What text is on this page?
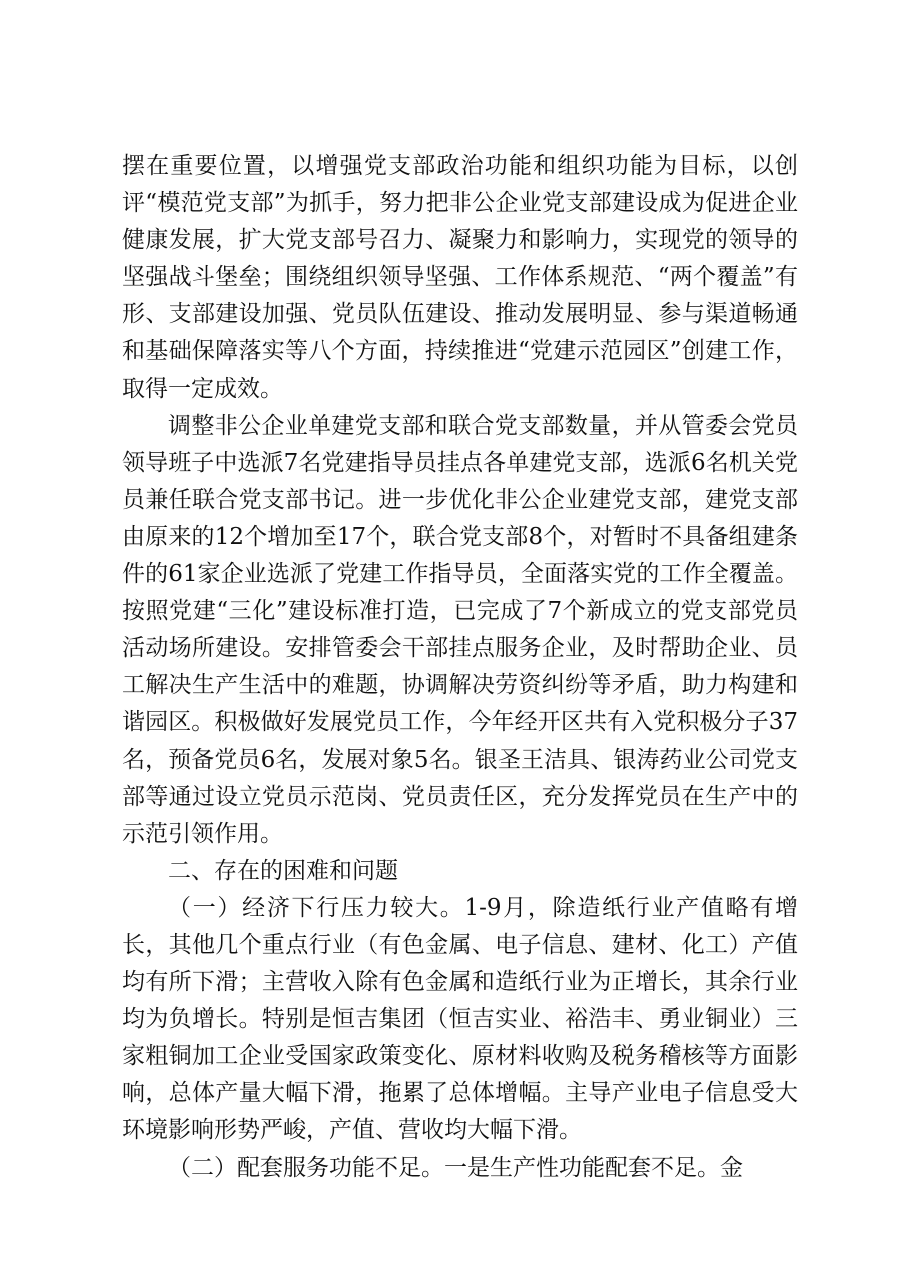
摆在重要位置，以增强党支部政治功能和组织功能为目标，以创评“模范党支部”为抓手，努力把非公企业党支部建设成为促进企业健康发展，扩大党支部号召力、凝聚力和影响力，实现党的领导的坚强战斗堡垒；围绕组织领导坚强、工作体系规范、“两个覆盖”有形、支部建设加强、党员队伍建设、推动发展明显、参与渠道畅通和基础保障落实等八个方面，持续推进“党建示范园区”创建工作，取得一定成效。

调整非公企业单建党支部和联合党支部数量，并从管委会党员领导班子中选派7名党建指导员挂点各单建党支部，选派6名机关党员兼任联合党支部书记。进一步优化非公企业建党支部，建党支部由原来的12个增加至17个，联合党支部8个，对暂时不具备组建条件的61家企业选派了党建工作指导员，全面落实党的工作全覆盖。按照党建“三化”建设标准打造，已完成了7个新成立的党支部党员活动场所建设。安排管委会干部挂点服务企业，及时帮助企业、员工解决生产生活中的难题，协调解决劳资纠纷等矛盾，助力构建和谐园区。积极做好发展党员工作，今年经开区共有入党积极分子37名，预备党员6名，发展对象5名。银圣王洁具、银涛药业公司党支部等通过设立党员示范岗、党员责任区，充分发挥党员在生产中的示范引领作用。

二、存在的困难和问题

（一）经济下行压力较大。1-9月，除造纸行业产值略有增长，其他几个重点行业（有色金属、电子信息、建材、化工）产值均有所下滑；主营收入除有色金属和造纸行业为正增长，其余行业均为负增长。特别是恒吉集团（恒吉实业、裕浩丰、勇业铜业）三家粗铜加工企业受国家政策变化、原材料收购及税务稽核等方面影响，总体产量大幅下滑，拖累了总体增幅。主导产业电子信息受大环境影响形势严峻，产值、营收均大幅下滑。

（二）配套服务功能不足。一是生产性功能配套不足。金
